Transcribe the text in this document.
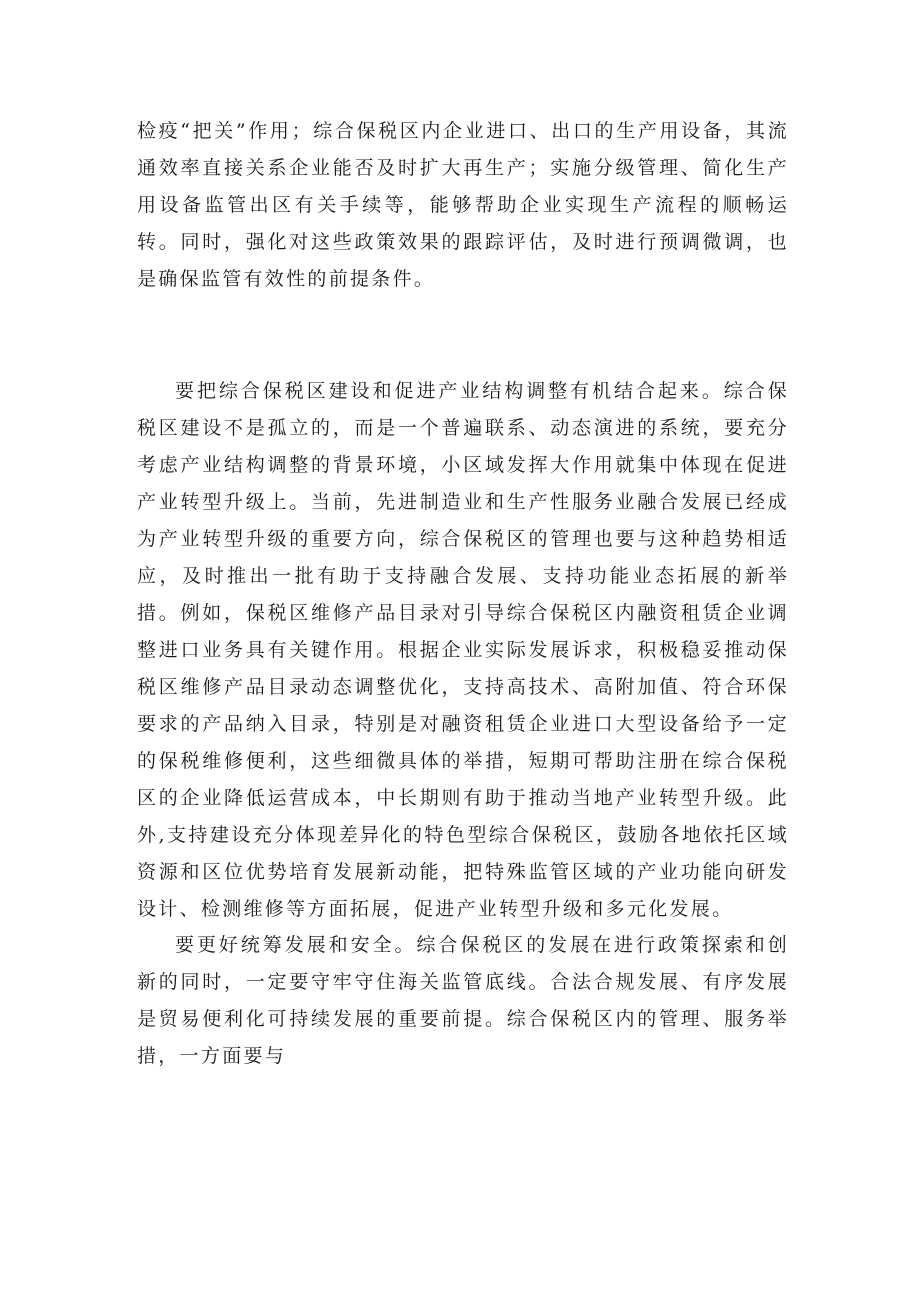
检疫“把关”作用；综合保税区内企业进口、出口的生产用设备，其流通效率直接关系企业能否及时扩大再生产；实施分级管理、简化生产用设备监管出区有关手续等，能够帮助企业实现生产流程的顺畅运转。同时，强化对这些政策效果的跟踪评估，及时进行预调微调，也是确保监管有效性的前提条件。

要把综合保税区建设和促进产业结构调整有机结合起来。综合保税区建设不是孤立的，而是一个普遍联系、动态演进的系统，要充分考虑产业结构调整的背景环境，小区域发挥大作用就集中体现在促进产业转型升级上。当前，先进制造业和生产性服务业融合发展已经成为产业转型升级的重要方向，综合保税区的管理也要与这种趋势相适应，及时推出一批有助于支持融合发展、支持功能业态拓展的新举措。例如，保税区维修产品目录对引导综合保税区内融资租赁企业调整进口业务具有关键作用。根据企业实际发展诉求，积极稳妥推动保税区维修产品目录动态调整优化，支持高技术、高附加值、符合环保要求的产品纳入目录，特别是对融资租赁企业进口大型设备给予一定的保税维修便利，这些细微具体的举措，短期可帮助注册在综合保税区的企业降低运营成本，中长期则有助于推动当地产业转型升级。此外,支持建设充分体现差异化的特色型综合保税区，鼓励各地依托区域资源和区位优势培育发展新动能，把特殊监管区域的产业功能向研发设计、检测维修等方面拓展，促进产业转型升级和多元化发展。

要更好统筹发展和安全。综合保税区的发展在进行政策探索和创新的同时，一定要守牢守住海关监管底线。合法合规发展、有序发展是贸易便利化可持续发展的重要前提。综合保税区内的管理、服务举措，一方面要与
